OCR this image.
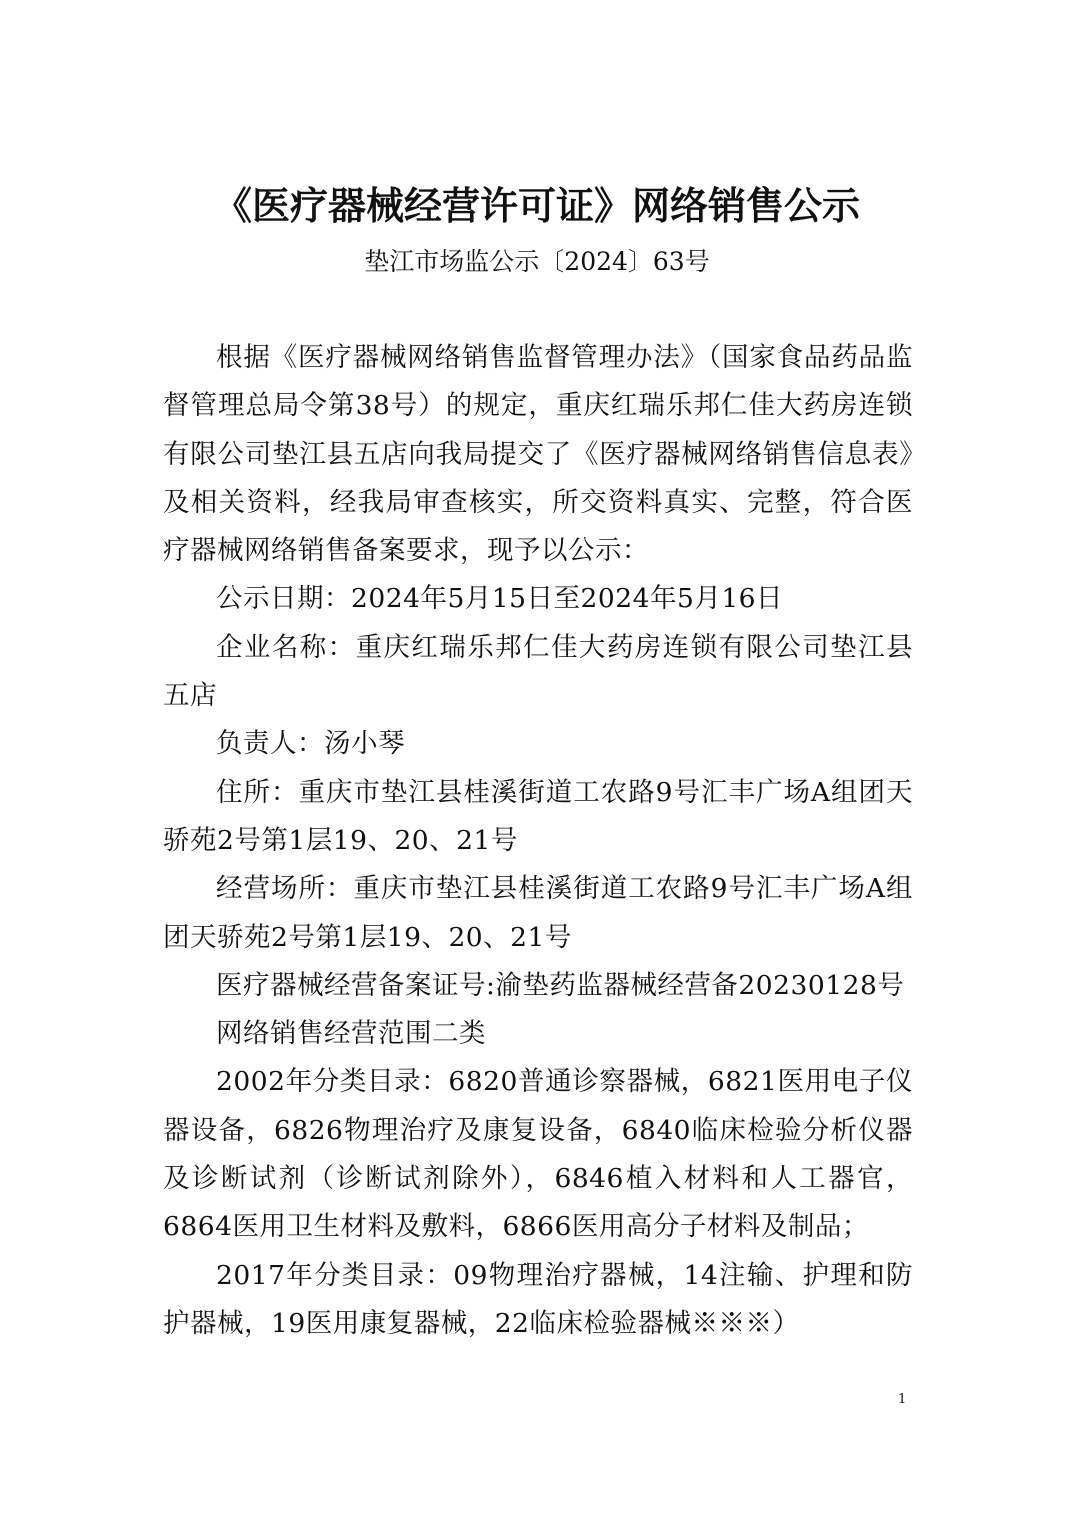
《医疗器械经营许可证》网络销售公示
垫江市场监公示〔2024〕63号

根据《医疗器械网络销售监督管理办法》（国家食品药品监督管理总局令第38号）的规定，重庆红瑞乐邦仁佳大药房连锁有限公司垫江县五店向我局提交了《医疗器械网络销售信息表》及相关资料，经我局审查核实，所交资料真实、完整，符合医疗器械网络销售备案要求，现予以公示：

公示日期：2024年5月15日至2024年5月16日

企业名称：重庆红瑞乐邦仁佳大药房连锁有限公司垫江县五店

负责人：汤小琴

住所：重庆市垫江县桂溪街道工农路9号汇丰广场A组团天骄苑2号第1层19、20、21号

经营场所：重庆市垫江县桂溪街道工农路9号汇丰广场A组团天骄苑2号第1层19、20、21号

医疗器械经营备案证号:渝垫药监器械经营备20230128号

网络销售经营范围二类

2002年分类目录：6820普通诊察器械，6821医用电子仪器设备，6826物理治疗及康复设备，6840临床检验分析仪器及诊断试剂（诊断试剂除外），6846植入材料和人工器官，6864医用卫生材料及敷料，6866医用高分子材料及制品；

2017年分类目录：09物理治疗器械，14注输、护理和防护器械，19医用康复器械，22临床检验器械※※※）

1
